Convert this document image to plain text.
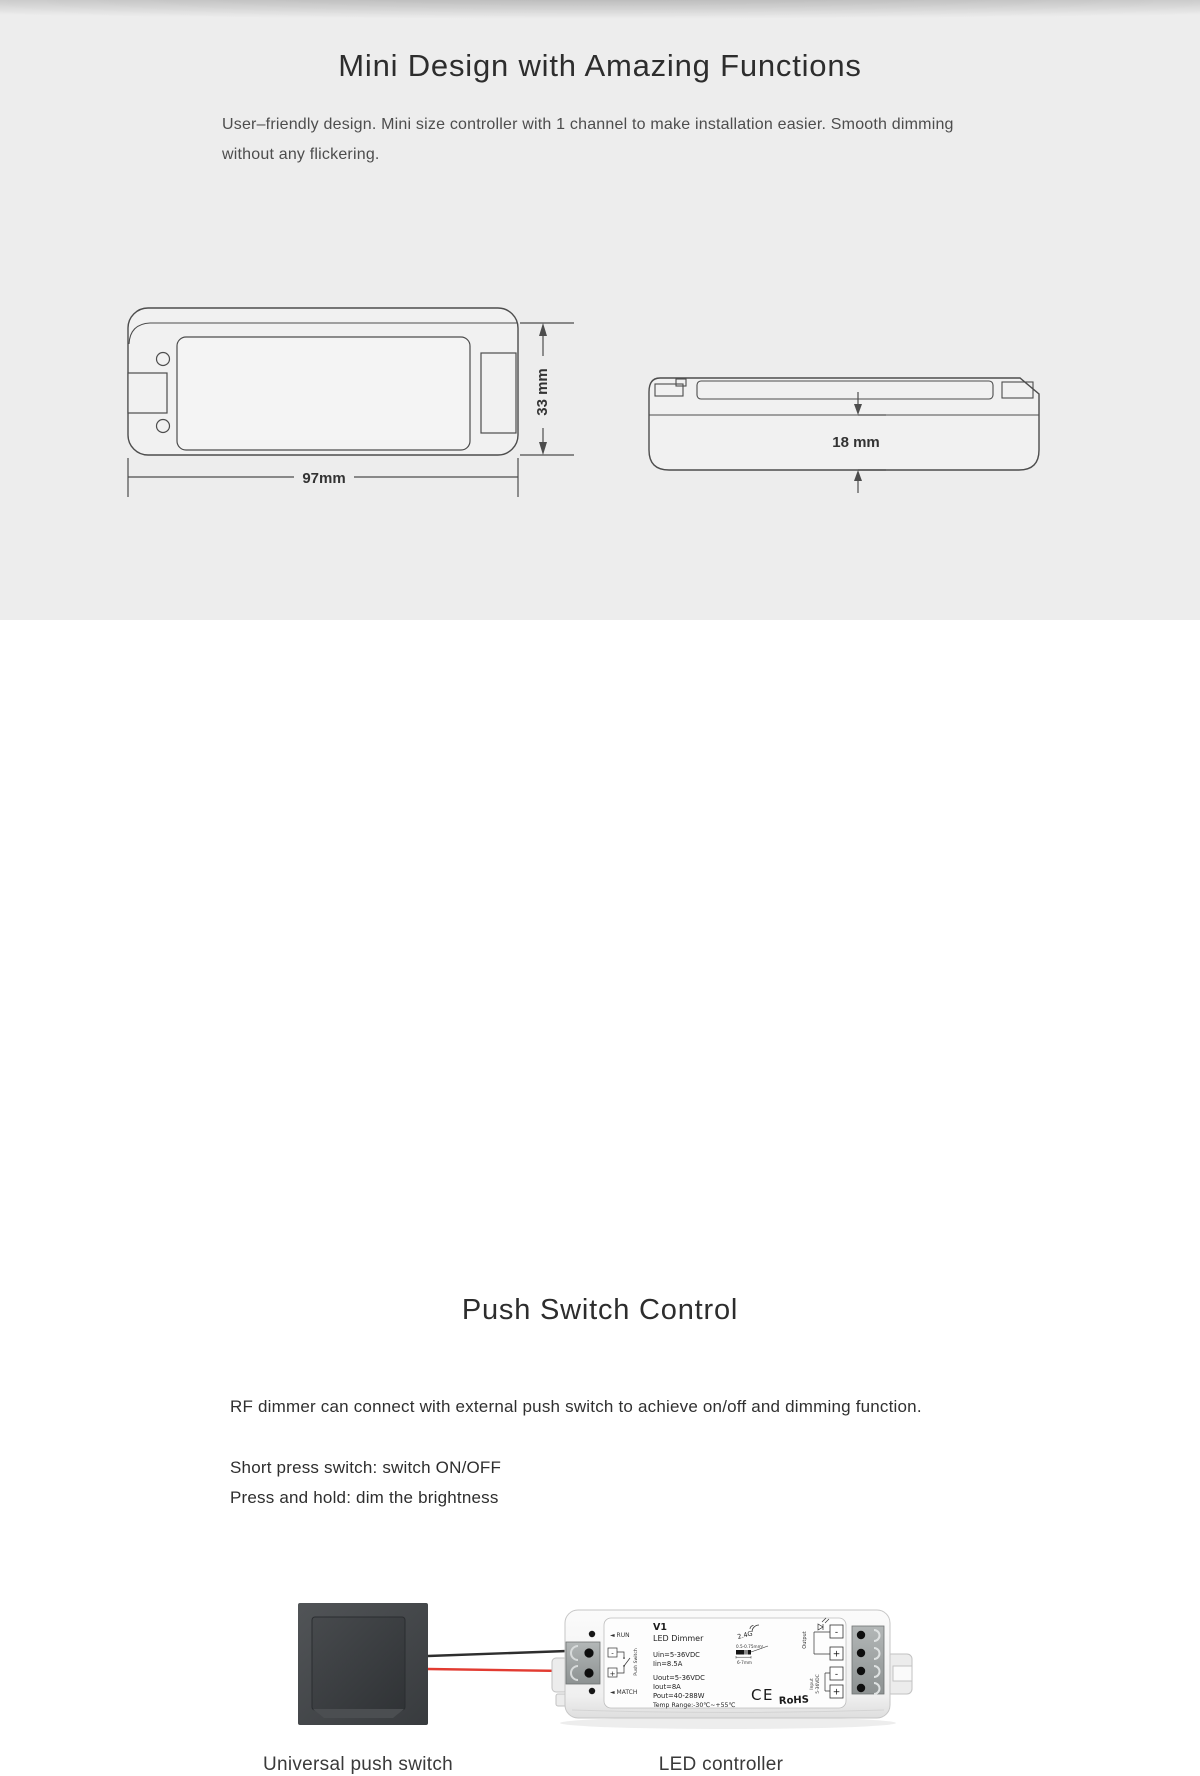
Mini Design with Amazing Functions
User–friendly design. Mini size controller with 1 channel to make installation easier. Smooth dimming without any flickering.
97mm
33 mm
18 mm
Push Switch Control
RF dimmer can connect with external push switch to achieve on/off and dimming function.
Short press switch: switch ON/OFF
Press and hold: dim the brightness
◄ RUN
◄ MATCH
V1
LED Dimmer
Uin=5-36VDC
Iin=8.5A
Uout=5-36VDC
Iout=8A
Pout=40-288W
Temp Range:-30℃~+55℃
-
+	Push Switch
2.4G
0.5-0.75mm²
6-7mm
CE RoHS
Output	-
+
-
+
Input 5-36VDC
Universal push switch	LED controller
